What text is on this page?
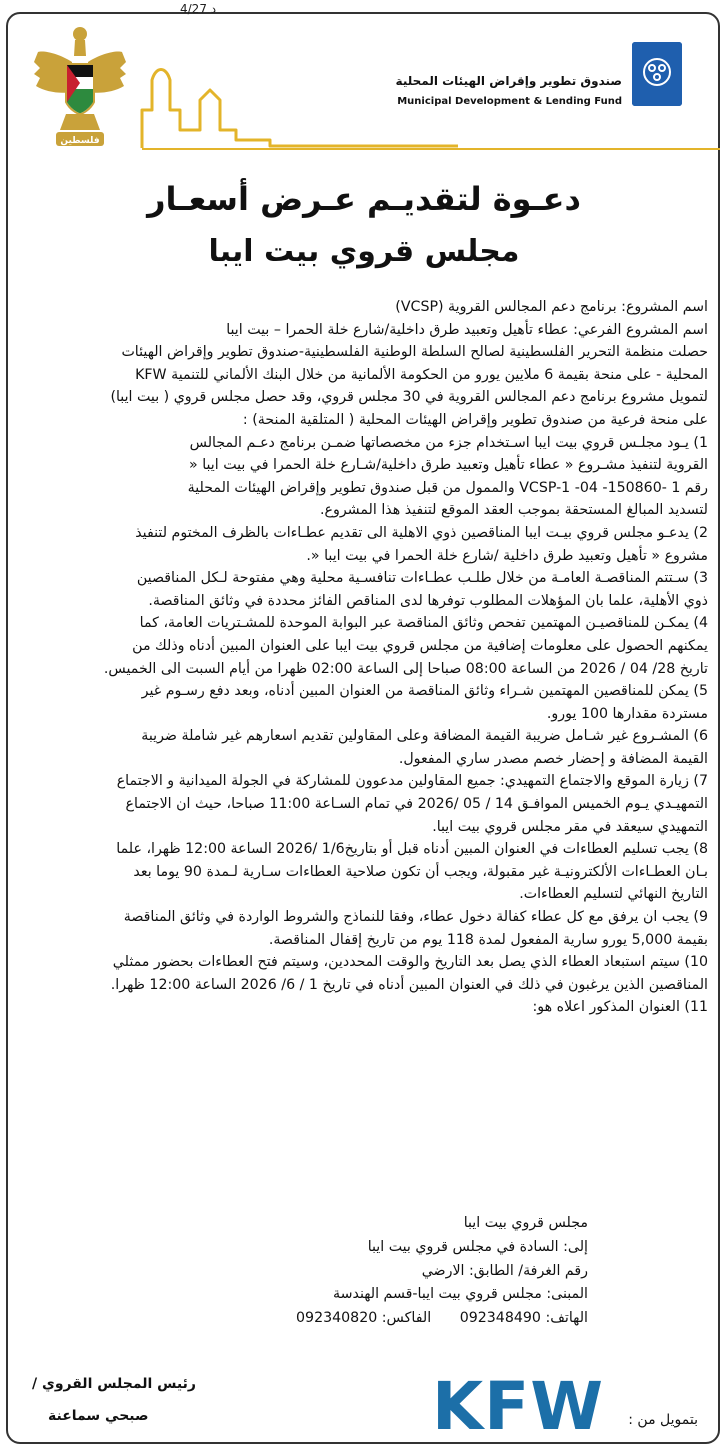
4/27 د
فلسطين
صندوق تطوير وإقراض الهيئات المحلية
Municipal Development & Lending Fund
دعـوة لتقديـم عـرض أسعـار
مجلس قروي بيت ايبا

اسم المشروع: برنامج دعم المجالس القروية (VCSP)

اسم المشروع الفرعي: عطاء تأهيل وتعبيد طرق داخلية/شارع خلة الحمرا – بيت ايبا

حصلت منظمة التحرير الفلسطينية لصالح السلطة الوطنية الفلسطينية-صندوق تطوير وإقراض الهيئات

المحلية - على منحة بقيمة 6 ملايين يورو من الحكومة الألمانية من خلال البنك الألماني للتنمية KFW

لتمويل مشروع برنامج دعم المجالس القروية في 30 مجلس قروي، وقد حصل مجلس قروي ( بيت ايبا)

على منحة فرعية من صندوق تطوير وإقراض الهيئات المحلية ( المتلقية المنحة) :

1) يـود مجلـس قروي بيت ايبا اسـتخدام جزء من مخصصاتها ضمـن برنامج دعـم المجالس

القروية لتنفيذ مشـروع « عطاء تأهيل وتعبيد طرق داخلية/شـارع خلة الحمرا في بيت ايبا «

رقم 1 -150860- 04- VCSP-1 والممول من قبل صندوق تطوير وإقراض الهيئات المحلية

لتسديد المبالغ المستحقة بموجب العقد الموقع لتنفيذ هذا المشروع.

2) يدعـو مجلس قروي بيـت ايبا المناقصين ذوي الاهلية الى تقديم عطـاءات بالظرف المختوم لتنفيذ

مشروع « تأهيل وتعبيد طرق داخلية /شارع خلة الحمرا في بيت ايبا «.

3) سـتتم المناقصـة العامـة من خلال طلـب عطـاءات تنافسـية محلية وهي مفتوحة لـكل المناقصين

ذوي الأهلية، علما بان المؤهلات المطلوب توفرها لدى المناقص الفائز محددة في وثائق المناقصة.

4) يمكـن للمناقصيـن المهتمين تفحص وثائق المناقصة عبر البوابة الموحدة للمشـتريات العامة، كما

يمكنهم الحصول على معلومات إضافية من مجلس قروي بيت ايبا على العنوان المبين أدناه وذلك من

تاريخ 28/ 04 / 2026 من الساعة 08:00 صباحا إلى الساعة 02:00 ظهرا من أيام السبت الى الخميس.

5) يمكن للمناقصين المهتمين شـراء وثائق المناقصة من العنوان المبين أدناه، وبعد دفع رسـوم غير

مستردة مقدارها 100 يورو.

6) المشـروع غير شـامل ضريبة القيمة المضافة وعلى المقاولين تقديم اسعارهم غير شاملة ضريبة

القيمة المضافة و إحضار خصم مصدر ساري المفعول.

7) زيارة الموقع والاجتماع التمهيدي: جميع المقاولين مدعوون للمشاركة في الجولة الميدانية و الاجتماع

التمهيـدي يـوم الخميس الموافـق 14 / 05 /2026 في تمام السـاعة 11:00 صباحا، حيث ان الاجتماع

التمهيدي سيعقد في مقر مجلس قروي بيت ايبا.

8) يجب تسليم العطاءات في العنوان المبين أدناه قبل أو بتاريخ1/6 /2026 الساعة 12:00 ظهرا، علما

بـان العطـاءات الألكترونيـة غير مقبولة، ويجب أن تكون صلاحية العطاءات سـارية لـمدة 90 يوما بعد

التاريخ النهائي لتسليم العطاءات.

9) يجب ان يرفق مع كل عطاء كفالة دخول عطاء، وفقا للنماذج والشروط الواردة في وثائق المناقصة

بقيمة 5,000 يورو سارية المفعول لمدة 118 يوم من تاريخ إقفال المناقصة.

10) سيتم استبعاد العطاء الذي يصل بعد التاريخ والوقت المحددين، وسيتم فتح العطاءات بحضور ممثلي

المناقصين الذين يرغبون في ذلك في العنوان المبين أدناه في تاريخ 1 / 6/ 2026 الساعة 12:00 ظهرا.

11) العنوان المذكور اعلاه هو:

مجلس قروي بيت ايبا

إلى: السادة في مجلس قروي بيت ايبا

رقم الغرفة/ الطابق: الارضي

المبنى: مجلس قروي بيت ايبا-قسم الهندسة

الهاتف: 092348490 الفاكس: 092340820

رئيس المجلس القروي /
صبحي سماعنة	KFW بتمويل من :
